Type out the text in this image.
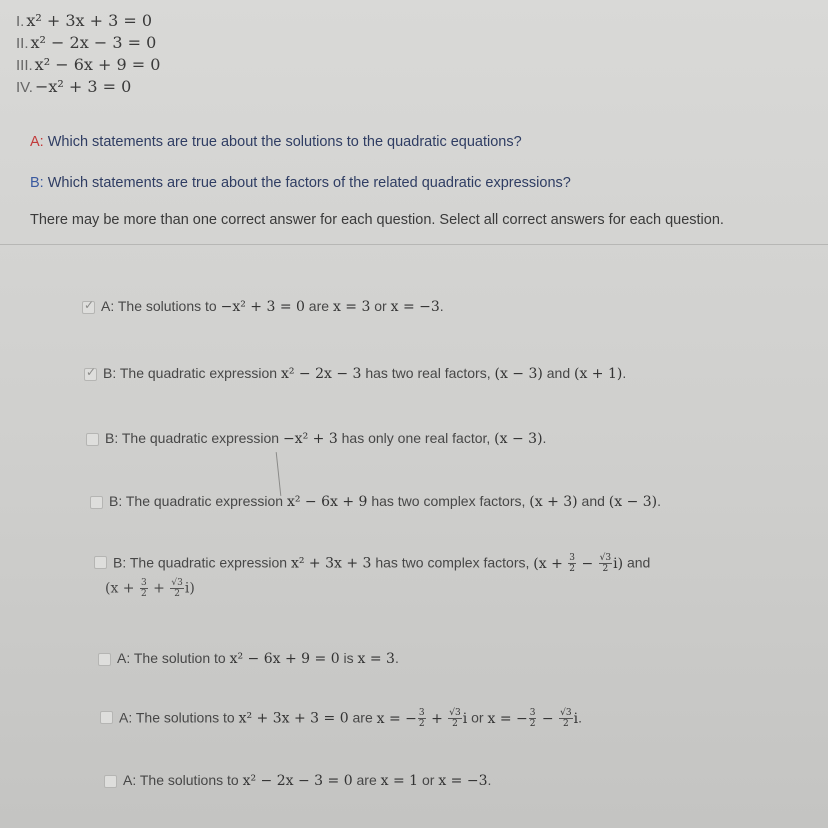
I. x² + 3x + 3 = 0
II. x² − 2x − 3 = 0
III. x² − 6x + 9 = 0
IV. −x² + 3 = 0
A: Which statements are true about the solutions to the quadratic equations?
B: Which statements are true about the factors of the related quadratic expressions?
There may be more than one correct answer for each question. Select all correct answers for each question.
✓
A: The solutions to −x² + 3 = 0 are x = 3 or x = −3.
✓
B: The quadratic expression x² − 2x − 3 has two real factors, (x − 3) and (x + 1).
B: The quadratic expression −x² + 3 has only one real factor, (x − 3).
B: The quadratic expression x² − 6x + 9 has two complex factors, (x + 3) and (x − 3).
B: The quadratic expression x² + 3x + 3 has two complex factors, $(x + \frac{3}{2} - \frac{√3}{2} i)$ and
$(x + \frac{3}{2} + \frac{√3}{2} i)$
A: The solution to x² − 6x + 9 = 0 is x = 3.
A: The solutions to x² + 3x + 3 = 0 are x = − $\frac{3}{2} + \frac{√3}{2}$ i or x = − $\frac{3}{2} - \frac{√3}{2} i$.
A: The solutions to x² − 2x − 3 = 0 are x = 1 or x = −3.
